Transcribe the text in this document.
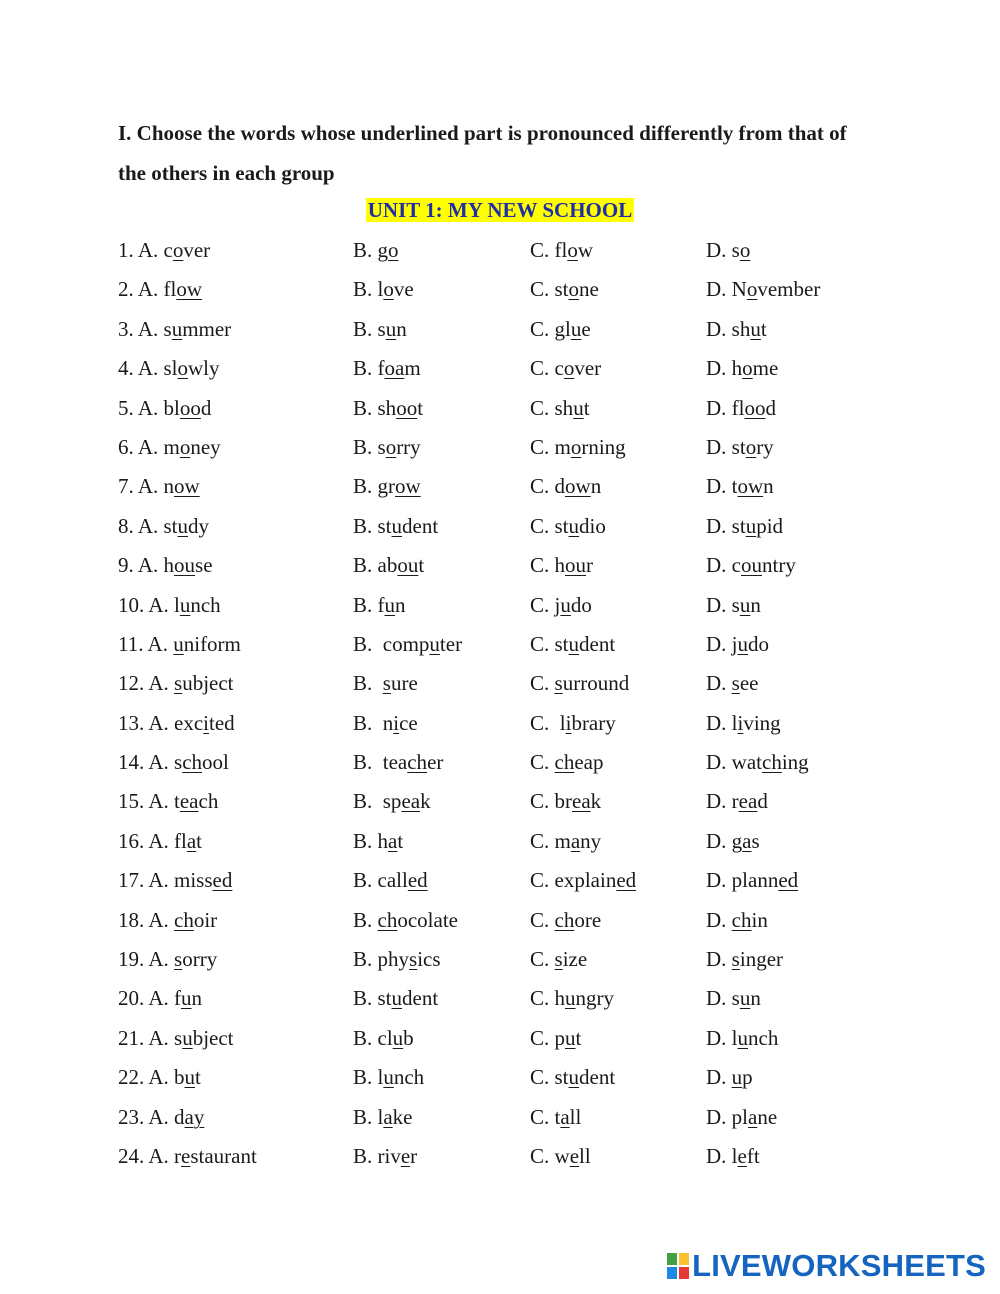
I. Choose the words whose underlined part is pronounced differently from that of the others in each group
UNIT 1: MY NEW SCHOOL
1. A. cover	B. go	C. flow	D. so
2. A. flow	B. love	C. stone	D. November
3. A. summer	B. sun	C. glue	D. shut
4. A. slowly	B. foam	C. cover	D. home
5. A. blood	B. shoot	C. shut	D. flood
6. A. money	B. sorry	C. morning	D. story
7. A. now	B. grow	C. down	D. town
8. A. study	B. student	C. studio	D. stupid
9. A. house	B. about	C. hour	D. country
10. A. lunch	B. fun	C. judo	D. sun
11. A. uniform	B.  computer	C. student	D. judo
12. A. subject	B.  sure	C. surround	D. see
13. A. excited	B.  nice	C.  library	D. living
14. A. school	B.  teacher	C. cheap	D. watching
15. A. teach	B.  speak	C. break	D. read
16. A. flat	B. hat	C. many	D. gas
17. A. missed	B. called	C. explained	D. planned
18. A. choir	B. chocolate	C. chore	D. chin
19. A. sorry	B. physics	C. size	D. singer
20. A. fun	B. student	C. hungry	D. sun
21. A. subject	B. club	C. put	D. lunch
22. A. but	B. lunch	C. student	D. up
23. A. day	B. lake	C. tall	D. plane
24. A. restaurant	B. river	C. well	D. left
LIVEWORKSHEETS
